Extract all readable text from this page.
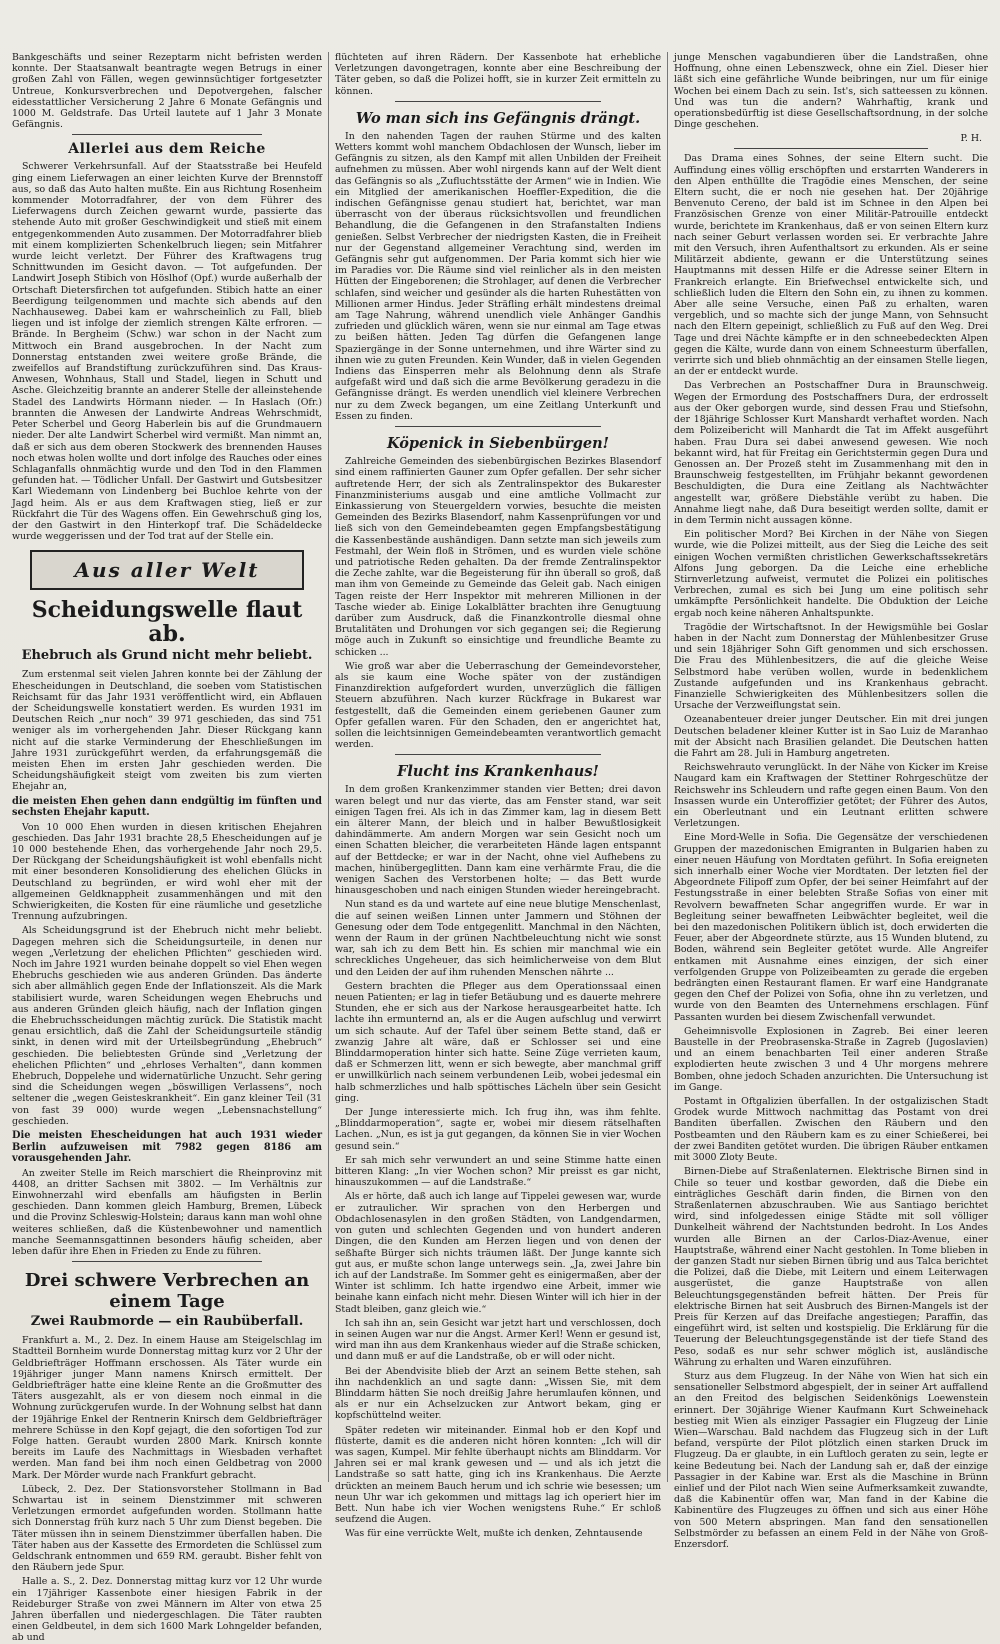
Bankgeschäfts und seiner Rezeptarm nicht befristen werden konnte. Der Staatsanwalt beantragte wegen Betrugs in einer großen Zahl von Fällen, wegen gewinnsüchtiger fortgesetzter Untreue, Konkursverbrechen und Depotvergehen, falscher eidesstattlicher Versicherung 2 Jahre 6 Monate Gefängnis und 1000 M. Geldstrafe. Das Urteil lautete auf 1 Jahr 3 Monate Gefängnis.

Allerlei aus dem Reiche

Schwerer Verkehrsunfall. Auf der Staatsstraße bei Heufeld ging einem Lieferwagen an einer leichten Kurve der Brennstoff aus, so daß das Auto halten mußte. Ein aus Richtung Rosenheim kommender Motorradfahrer, der von dem Führer des Lieferwagens durch Zeichen gewarnt wurde, passierte das stehende Auto mit großer Geschwindigkeit und stieß mit einem entgegenkommenden Auto zusammen. Der Motorradfahrer blieb mit einem komplizierten Schenkelbruch liegen; sein Mitfahrer wurde leicht verletzt. Der Führer des Kraftwagens trug Schnittwunden im Gesicht davon. — Tot aufgefunden. Der Landwirt Joseph Stibich von Höslhof (Opf.) wurde außerhalb der Ortschaft Dietersfirchen tot aufgefunden. Stibich hatte an einer Beerdigung teilgenommen und machte sich abends auf den Nachhauseweg. Dabei kam er wahrscheinlich zu Fall, blieb liegen und ist infolge der ziemlich strengen Kälte erfroren. — Brände. In Bergheim (Schw.) war schon in der Nacht zum Mittwoch ein Brand ausgebrochen. In der Nacht zum Donnerstag entstanden zwei weitere große Brände, die zweifellos auf Brandstiftung zurückzuführen sind. Das Kraus-Anwesen, Wohnhaus, Stall und Stadel, liegen in Schutt und Asche. Gleichzeitig brannte an anderer Stelle der alleinstehende Stadel des Landwirts Hörmann nieder. — In Haslach (Ofr.) brannten die Anwesen der Landwirte Andreas Wehrschmidt, Peter Scherbel und Georg Haberlein bis auf die Grundmauern nieder. Der alte Landwirt Scherbel wird vermißt. Man nimmt an, daß er sich aus dem oberen Stockwerk des brennenden Hauses noch etwas holen wollte und dort infolge des Rauches oder eines Schlaganfalls ohnmächtig wurde und den Tod in den Flammen gefunden hat. — Tödlicher Unfall. Der Gastwirt und Gutsbesitzer Karl Wiedemann von Lindenberg bei Buchloe kehrte von der Jagd heim. Als er aus dem Kraftwagen stieg, ließ er zur Rückfahrt die Tür des Wagens offen. Ein Gewehrschuß ging los, der den Gastwirt in den Hinterkopf traf. Die Schädeldecke wurde weggerissen und der Tod trat auf der Stelle ein.

Aus aller Welt
Scheidungswelle flaut ab.
Ehebruch als Grund nicht mehr beliebt.

Zum erstenmal seit vielen Jahren konnte bei der Zählung der Ehescheidungen in Deutschland, die soeben vom Statistischen Reichsamt für das Jahr 1931 veröffentlicht wird, ein Abflauen der Scheidungswelle konstatiert werden. Es wurden 1931 im Deutschen Reich „nur noch“ 39 971 geschieden, das sind 751 weniger als im vorhergehenden Jahr. Dieser Rückgang kann nicht auf die starke Verminderung der Eheschließungen im Jahre 1931 zurückgeführt werden, da erfahrungsgemäß die meisten Ehen im ersten Jahr geschieden werden. Die Scheidungshäufigkeit steigt vom zweiten bis zum vierten Ehejahr an,

die meisten Ehen gehen dann endgültig im fünften und sechsten Ehejahr kaputt.

Von 10 000 Ehen wurden in diesen kritischen Ehejahren geschieden. Das Jahr 1931 brachte 28,5 Ehescheidungen auf je 10 000 bestehende Ehen, das vorhergehende Jahr noch 29,5. Der Rückgang der Scheidungshäufigkeit ist wohl ebenfalls nicht mit einer besonderen Konsolidierung des ehelichen Glücks in Deutschland zu begründen, er wird wohl eher mit der allgemeinen Geldknappheit zusammenhängen und mit den Schwierigkeiten, die Kosten für eine räumliche und gesetzliche Trennung aufzubringen.

Als Scheidungsgrund ist der Ehebruch nicht mehr beliebt. Dagegen mehren sich die Scheidungsurteile, in denen nur wegen „Verletzung der ehelichen Pflichten“ geschieden wird. Noch im Jahre 1921 wurden beinahe doppelt so viel Ehen wegen Ehebruchs geschieden wie aus anderen Gründen. Das änderte sich aber allmählich gegen Ende der Inflationszeit. Als die Mark stabilisiert wurde, waren Scheidungen wegen Ehebruchs und aus anderen Gründen gleich häufig, nach der Inflation gingen die Ehebruchsscheidungen mächtig zurück. Die Statistik macht genau ersichtlich, daß die Zahl der Scheidungsurteile ständig sinkt, in denen wird mit der Urteilsbegründung „Ehebruch“ geschieden. Die beliebtesten Gründe sind „Verletzung der ehelichen Pflichten“ und „ehrloses Verhalten“, dann kommen Ehebruch, Doppelehe und widernatürliche Unzucht. Sehr gering sind die Scheidungen wegen „böswilligen Verlassens“, noch seltener die „wegen Geisteskrankheit“. Ein ganz kleiner Teil (31 von fast 39 000) wurde wegen „Lebensnachstellung“ geschieden.

Die meisten Ehescheidungen hat auch 1931 wieder Berlin aufzuweisen mit 7982 gegen 8186 am vorausgehenden Jahr.

An zweiter Stelle im Reich marschiert die Rheinprovinz mit 4408, an dritter Sachsen mit 3802. — Im Verhältnis zur Einwohnerzahl wird ebenfalls am häufigsten in Berlin geschieden. Dann kommen gleich Hamburg, Bremen, Lübeck und die Provinz Schleswig-Holstein; daraus kann man wohl ohne weiteres schließen, daß die Küstenbewohner und namentlich manche Seemannsgattinnen besonders häufig scheiden, aber leben dafür ihre Ehen in Frieden zu Ende zu führen.

Drei schwere Verbrechen an einem Tage
Zwei Raubmorde — ein Raubüberfall.

Frankfurt a. M., 2. Dez. In einem Hause am Steigelschlag im Stadtteil Bornheim wurde Donnerstag mittag kurz vor 2 Uhr der Geldbriefträger Hoffmann erschossen. Als Täter wurde ein 19jähriger junger Mann namens Knirsch ermittelt. Der Geldbriefträger hatte eine kleine Rente an die Großmutter des Täters ausgezahlt, als er von diesem noch einmal in die Wohnung zurückgerufen wurde. In der Wohnung selbst hat dann der 19jährige Enkel der Rentnerin Knirsch dem Geldbriefträger mehrere Schüsse in den Kopf gejagt, die den sofortigen Tod zur Folge hatten. Geraubt wurden 2800 Mark. Knirsch konnte bereits im Laufe des Nachmittags in Wiesbaden verhaftet werden. Man fand bei ihm noch einen Geldbetrag von 2000 Mark. Der Mörder wurde nach Frankfurt gebracht.

Lübeck, 2. Dez. Der Stationsvorsteher Stollmann in Bad Schwartau ist in seinem Dienstzimmer mit schweren Verletzungen ermordet aufgefunden worden. Stollmann hatte sich Donnerstag früh kurz nach 5 Uhr zum Dienst begeben. Die Täter müssen ihn in seinem Dienstzimmer überfallen haben. Die Täter haben aus der Kassette des Ermordeten die Schlüssel zum Geldschrank entnommen und 659 RM. geraubt. Bisher fehlt von den Räubern jede Spur.

Halle a. S., 2. Dez. Donnerstag mittag kurz vor 12 Uhr wurde ein 17jähriger Kassenbote einer hiesigen Fabrik in der Reideburger Straße von zwei Männern im Alter von etwa 25 Jahren überfallen und niedergeschlagen. Die Täter raubten einen Geldbeutel, in dem sich 1600 Mark Lohngelder befanden, ab und

flüchteten auf ihren Rädern. Der Kassenbote hat erhebliche Verletzungen davongetragen, konnte aber eine Beschreibung der Täter geben, so daß die Polizei hofft, sie in kurzer Zeit ermitteln zu können.

Wo man sich ins Gefängnis drängt.

In den nahenden Tagen der rauhen Stürme und des kalten Wetters kommt wohl manchem Obdachlosen der Wunsch, lieber im Gefängnis zu sitzen, als den Kampf mit allen Unbilden der Freiheit aufnehmen zu müssen. Aber wohl nirgends kann auf der Welt dient das Gefängnis so als „Zufluchtsstätte der Armen“ wie in Indien. Wie ein Mitglied der amerikanischen Hoeffler-Expedition, die die indischen Gefängnisse genau studiert hat, berichtet, war man überrascht von der überaus rücksichtsvollen und freundlichen Behandlung, die die Gefangenen in den Strafanstalten Indiens genießen. Selbst Verbrecher der niedrigsten Kasten, die in Freiheit nur der Gegenstand allgemeiner Verachtung sind, werden im Gefängnis sehr gut aufgenommen. Der Paria kommt sich hier wie im Paradies vor. Die Räume sind viel reinlicher als in den meisten Hütten der Eingeborenen; die Strohlager, auf denen die Verbrecher schlafen, sind weicher und gesünder als die harten Ruhestätten von Millionen armer Hindus. Jeder Sträfling erhält mindestens dreimal am Tage Nahrung, während unendlich viele Anhänger Gandhis zufrieden und glücklich wären, wenn sie nur einmal am Tage etwas zu beißen hätten. Jeden Tag dürfen die Gefangenen lange Spaziergänge in der Sonne unternehmen, und ihre Wärter sind zu ihnen wie zu guten Freunden. Kein Wunder, daß in vielen Gegenden Indiens das Einsperren mehr als Belohnung denn als Strafe aufgefaßt wird und daß sich die arme Bevölkerung geradezu in die Gefängnisse drängt. Es werden unendlich viel kleinere Verbrechen nur zu dem Zweck begangen, um eine Zeitlang Unterkunft und Essen zu finden.

Köpenick in Siebenbürgen!

Zahlreiche Gemeinden des siebenbürgischen Bezirkes Blasendorf sind einem raffinierten Gauner zum Opfer gefallen. Der sehr sicher auftretende Herr, der sich als Zentralinspektor des Bukarester Finanzministeriums ausgab und eine amtliche Vollmacht zur Einkassierung von Steuergeldern vorwies, besuchte die meisten Gemeinden des Bezirks Blasendorf, nahm Kassenprüfungen vor und ließ sich von den Gemeindebeamten gegen Empfangsbestätigung die Kassenbestände aushändigen. Dann setzte man sich jeweils zum Festmahl, der Wein floß in Strömen, und es wurden viele schöne und patriotische Reden gehalten. Da der fremde Zentralinspektor die Zeche zahlte, war die Begeisterung für ihn überall so groß, daß man ihm von Gemeinde zu Gemeinde das Geleit gab. Nach einigen Tagen reiste der Herr Inspektor mit mehreren Millionen in der Tasche wieder ab. Einige Lokalblätter brachten ihre Genugtuung darüber zum Ausdruck, daß die Finanzkontrolle diesmal ohne Brutalitäten und Drohungen vor sich gegangen sei; die Regierung möge auch in Zukunft so einsichtige und freundliche Beamte zu schicken ...

Wie groß war aber die Ueberraschung der Gemeindevorsteher, als sie kaum eine Woche später von der zuständigen Finanzdirektion aufgefordert wurden, unverzüglich die fälligen Steuern abzuführen. Nach kurzer Rückfrage in Bukarest war festgestellt, daß die Gemeinden einem geriebenen Gauner zum Opfer gefallen waren. Für den Schaden, den er angerichtet hat, sollen die leichtsinnigen Gemeindebeamten verantwortlich gemacht werden.

Flucht ins Krankenhaus!

In dem großen Krankenzimmer standen vier Betten; drei davon waren belegt und nur das vierte, das am Fenster stand, war seit einigen Tagen frei. Als ich in das Zimmer kam, lag in diesem Bett ein älterer Mann, der bleich und in halber Bewußtlosigkeit dahindämmerte. Am andern Morgen war sein Gesicht noch um einen Schatten bleicher, die verarbeiteten Hände lagen entspannt auf der Bettdecke; er war in der Nacht, ohne viel Aufhebens zu machen, hinübergeglitten. Dann kam eine verhärmte Frau, die die wenigen Sachen des Verstorbenen holte; — das Bett wurde hinausgeschoben und nach einigen Stunden wieder hereingebracht.

Nun stand es da und wartete auf eine neue blutige Menschenlast, die auf seinen weißen Linnen unter Jammern und Stöhnen der Genesung oder dem Tode entgegenlitt. Manchmal in den Nächten, wenn der Raum in der grünen Nachtbeleuchtung nicht wie sonst war, sah ich zu dem Bett hin. Es schien mir manchmal wie ein schreckliches Ungeheuer, das sich heimlicherweise von dem Blut und den Leiden der auf ihm ruhenden Menschen nährte ...

Gestern brachten die Pfleger aus dem Operationssaal einen neuen Patienten; er lag in tiefer Betäubung und es dauerte mehrere Stunden, ehe er sich aus der Narkose herausgearbeitet hatte. Ich lachte ihn ermunternd an, als er die Augen aufschlug und verwirrt um sich schaute. Auf der Tafel über seinem Bette stand, daß er zwanzig Jahre alt wäre, daß er Schlosser sei und eine Blinddarmoperation hinter sich hatte. Seine Züge verrieten kaum, daß er Schmerzen litt, wenn er sich bewegte, aber manchmal griff er unwillkürlich nach seinem verbundenen Leib, wobei jedesmal ein halb schmerzliches und halb spöttisches Lächeln über sein Gesicht ging.

Der Junge interessierte mich. Ich frug ihn, was ihm fehlte. „Blinddarmoperation“, sagte er, wobei mir diesem rätselhaften Lachen. „Nun, es ist ja gut gegangen, da können Sie in vier Wochen gesund sein.“

Er sah mich sehr verwundert an und seine Stimme hatte einen bitteren Klang: „In vier Wochen schon? Mir preisst es gar nicht, hinauszukommen — auf die Landstraße.“

Als er hörte, daß auch ich lange auf Tippelei gewesen war, wurde er zutraulicher. Wir sprachen von den Herbergen und Obdachlosenasylen in den großen Städten, von Landgendarmen, von guten und schlechten Gegenden und von hundert anderen Dingen, die den Kunden am Herzen liegen und von denen der seßhafte Bürger sich nichts träumen läßt. Der Junge kannte sich gut aus, er mußte schon lange unterwegs sein. „Ja, zwei Jahre bin ich auf der Landstraße. Im Sommer geht es einigermaßen, aber der Winter ist schlimm. Ich hatte irgendwo eine Arbeit, immer wie beinahe kann einfach nicht mehr. Diesen Winter will ich hier in der Stadt bleiben, ganz gleich wie.“

Ich sah ihn an, sein Gesicht war jetzt hart und verschlossen, doch in seinen Augen war nur die Angst. Armer Kerl! Wenn er gesund ist, wird man ihn aus dem Krankenhaus wieder auf die Straße schicken, und dann muß er auf die Landstraße, ob er will oder nicht.

Bei der Abendvisite blieb der Arzt an seinem Bette stehen, sah ihn nachdenklich an und sagte dann: „Wissen Sie, mit dem Blinddarm hätten Sie noch dreißig Jahre herumlaufen können, und als er nur ein Achselzucken zur Antwort bekam, ging er kopfschüttelnd weiter.

Später redeten wir miteinander. Einmal hob er den Kopf und flüsterte, damit es die anderen nicht hören konnten: „Ich will dir was sagen, Kumpel. Mir fehlte überhaupt nichts am Blinddarm. Vor Jahren sei er mal krank gewesen und — und als ich jetzt die Landstraße so satt hatte, ging ich ins Krankenhaus. Die Aerzte drückten an meinem Bauch herum und ich schrie wie besessen; um neun Uhr war ich gekommen und mittags lag ich operiert hier im Bett. Nun habe ich vier Wochen wenigstens Ruhe.“ Er schloß seufzend die Augen.

Was für eine verrückte Welt, mußte ich denken, Zehntausende

junge Menschen vagabundieren über die Landstraßen, ohne Hoffnung, ohne einen Lebenszweck, ohne ein Ziel. Dieser hier läßt sich eine gefährliche Wunde beibringen, nur um für einige Wochen bei einem Dach zu sein. Ist's, sich satteessen zu können. Und was tun die andern? Wahrhaftig, krank und operationsbedürftig ist diese Gesellschaftsordnung, in der solche Dinge geschehen.

P. H.

Das Drama eines Sohnes, der seine Eltern sucht. Die Auffindung eines völlig erschöpften und erstarrten Wanderers in den Alpen enthüllte die Tragödie eines Menschen, der seine Eltern sucht, die er noch nie gesehen hat. Der 20jährige Benvenuto Cereno, der bald ist im Schnee in den Alpen bei Französischen Grenze von einer Militär-Patrouille entdeckt wurde, berichtete im Krankenhaus, daß er von seinen Eltern kurz nach seiner Geburt verlassen worden sei. Er verbrachte Jahre mit den Versuch, ihren Aufenthaltsort zu erkunden. Als er seine Militärzeit abdiente, gewann er die Unterstützung seines Hauptmanns mit dessen Hilfe er die Adresse seiner Eltern in Frankreich erlangte. Ein Briefwechsel entwickelte sich, und schließlich luden die Eltern den Sohn ein, zu ihnen zu kommen. Aber alle seine Versuche, einen Paß zu erhalten, waren vergeblich, und so machte sich der junge Mann, von Sehnsucht nach den Eltern gepeinigt, schließlich zu Fuß auf den Weg. Drei Tage und drei Nächte kämpfte er in den schneebedeckten Alpen gegen die Kälte, wurde dann von einem Schneesturm überfallen, verirrte sich und blieb ohnmächtig an der einsamen Stelle liegen, an der er entdeckt wurde.

Das Verbrechen an Postschaffner Dura in Braunschweig. Wegen der Ermordung des Postschaffners Dura, der erdrosselt aus der Oker geborgen wurde, sind dessen Frau und Stiefsohn, der 18jährige Schlosser Kurt Manshardt verhaftet worden. Nach dem Polizeibericht will Manhardt die Tat im Affekt ausgeführt haben. Frau Dura sei dabei anwesend gewesen. Wie noch bekannt wird, hat für Freitag ein Gerichtstermin gegen Dura und Genossen an. Der Prozeß steht im Zusammenhang mit den in Braunschweig festgestellten, im Frühjahr bekannt gewordenen Beschuldigten, die Dura eine Zeitlang als Nachtwächter angestellt war, größere Diebstähle verübt zu haben. Die Annahme liegt nahe, daß Dura beseitigt werden sollte, damit er in dem Termin nicht aussagen könne.

Ein politischer Mord? Bei Kirchen in der Nähe von Siegen wurde, wie die Polizei mitteilt, aus der Sieg die Leiche des seit einigen Wochen vermißten christlichen Gewerkschaftssekretärs Alfons Jung geborgen. Da die Leiche eine erhebliche Stirnverletzung aufweist, vermutet die Polizei ein politisches Verbrechen, zumal es sich bei Jung um eine politisch sehr umkämpfte Persönlichkeit handelte. Die Obduktion der Leiche ergab noch keine näheren Anhaltspunkte.

Tragödie der Wirtschaftsnot. In der Hewigsmühle bei Goslar haben in der Nacht zum Donnerstag der Mühlenbesitzer Gruse und sein 18jähriger Sohn Gift genommen und sich erschossen. Die Frau des Mühlenbesitzers, die auf die gleiche Weise Selbstmord habe verüben wollen, wurde in bedenklichem Zustande aufgefunden und ins Krankenhaus gebracht. Finanzielle Schwierigkeiten des Mühlenbesitzers sollen die Ursache der Verzweiflungstat sein.

Ozeanabenteuer dreier junger Deutscher. Ein mit drei jungen Deutschen beladener kleiner Kutter ist in Sao Luiz de Maranhao mit der Absicht nach Brasilien gelandet. Die Deutschen hatten die Fahrt am 28. Juli in Hamburg angetreten.

Reichswehrauto verunglückt. In der Nähe von Kicker im Kreise Naugard kam ein Kraftwagen der Stettiner Rohrgeschütze der Reichswehr ins Schleudern und rafte gegen einen Baum. Von den Insassen wurde ein Unteroffizier getötet; der Führer des Autos, ein Oberleutnant und ein Leutnant erlitten schwere Verletzungen.

Eine Mord-Welle in Sofia. Die Gegensätze der verschiedenen Gruppen der mazedonischen Emigranten in Bulgarien haben zu einer neuen Häufung von Mordtaten geführt. In Sofia ereigneten sich innerhalb einer Woche vier Mordtaten. Der letzten fiel der Abgeordnete Filipoff zum Opfer, der bei seiner Heimfahrt auf der Festungsstraße in einer belebten Straße Sofias von einer mit Revolvern bewaffneten Schar angegriffen wurde. Er war in Begleitung seiner bewaffneten Leibwächter begleitet, weil die bei den mazedonischen Politikern üblich ist, doch erwiderten die Feuer, aber der Abgeordnete stürzte, aus 15 Wunden blutend, zu Boden, während sein Begleiter getötet wurde. Alle Angreifer entkamen mit Ausnahme eines einzigen, der sich einer verfolgenden Gruppe von Polizeibeamten zu gerade die ergeben bedrängten einen Restaurant flamen. Er warf eine Handgranate gegen den Chef der Polizei von Sofia, ohne ihn zu verletzen, und wurde von den Beamten des Unternehmens erschlagen. Fünf Passanten wurden bei diesem Zwischenfall verwundet.

Geheimnisvolle Explosionen in Zagreb. Bei einer leeren Baustelle in der Preobrasenska-Straße in Zagreb (Jugoslavien) und an einem benachbarten Teil einer anderen Straße explodierten heute zwischen 3 und 4 Uhr morgens mehrere Bomben, ohne jedoch Schaden anzurichten. Die Untersuchung ist im Gange.

Postamt in Oftgalizien überfallen. In der ostgalizischen Stadt Grodek wurde Mittwoch nachmittag das Postamt von drei Banditen überfallen. Zwischen den Räubern und den Postbeamten und den Räubern kam es zu einer Schießerei, bei der zwei Banditen getötet wurden. Die übrigen Räuber entkamen mit 3000 Zloty Beute.

Birnen-Diebe auf Straßenlaternen. Elektrische Birnen sind in Chile so teuer und kostbar geworden, daß die Diebe ein einträgliches Geschäft darin finden, die Birnen von den Straßenlaternen abzuschrauben. Wie aus Santiago berichtet wird, sind infolgedessen einige Städte mit soll völliger Dunkelheit während der Nachtstunden bedroht. In Los Andes wurden alle Birnen an der Carlos-Diaz-Avenue, einer Hauptstraße, während einer Nacht gestohlen. In Tome blieben in der ganzen Stadt nur sieben Birnen übrig und aus Talca berichtet die Polizei, daß die Diebe, mit Leitern und einem Leiterwagen ausgerüstet, die ganze Hauptstraße von allen Beleuchtungsgegenständen befreit hätten. Der Preis für elektrische Birnen hat seit Ausbruch des Birnen-Mangels ist der Preis für Kerzen auf das Dreifache angestiegen; Paraffin, das eingeführt wird, ist selten und kostspielig. Die Erklärung für die Teuerung der Beleuchtungsgegenstände ist der tiefe Stand des Peso, sodaß es nur sehr schwer möglich ist, ausländische Währung zu erhalten und Waren einzuführen.

Sturz aus dem Flugzeug. In der Nähe von Wien hat sich ein sensationeller Selbstmord abgespielt, der in seiner Art auffallend an den Freitod des belgischen Seidenkönigs Loewenstein erinnert. Der 30jährige Wiener Kaufmann Kurt Schweinehack bestieg mit Wien als einziger Passagier ein Flugzeug der Linie Wien—Warschau. Bald nachdem das Flugzeug sich in der Luft befand, verspürte der Pilot plötzlich einen starken Druck im Flugzeug. Da er glaubte, in ein Luftloch geraten zu sein, legte er keine Bedeutung bei. Nach der Landung sah er, daß der einzige Passagier in der Kabine war. Erst als die Maschine in Brünn einlief und der Pilot nach Wien seine Aufmerksamkeit zuwandte, daß die Kabinentür offen war, Man fand in der Kabine die Kabinentüre des Flugzeuges zu öffnen und sich aus einer Höhe von 500 Metern abspringen. Man fand den sensationellen Selbstmörder zu befassen an einem Feld in der Nähe von Groß-Enzersdorf.
